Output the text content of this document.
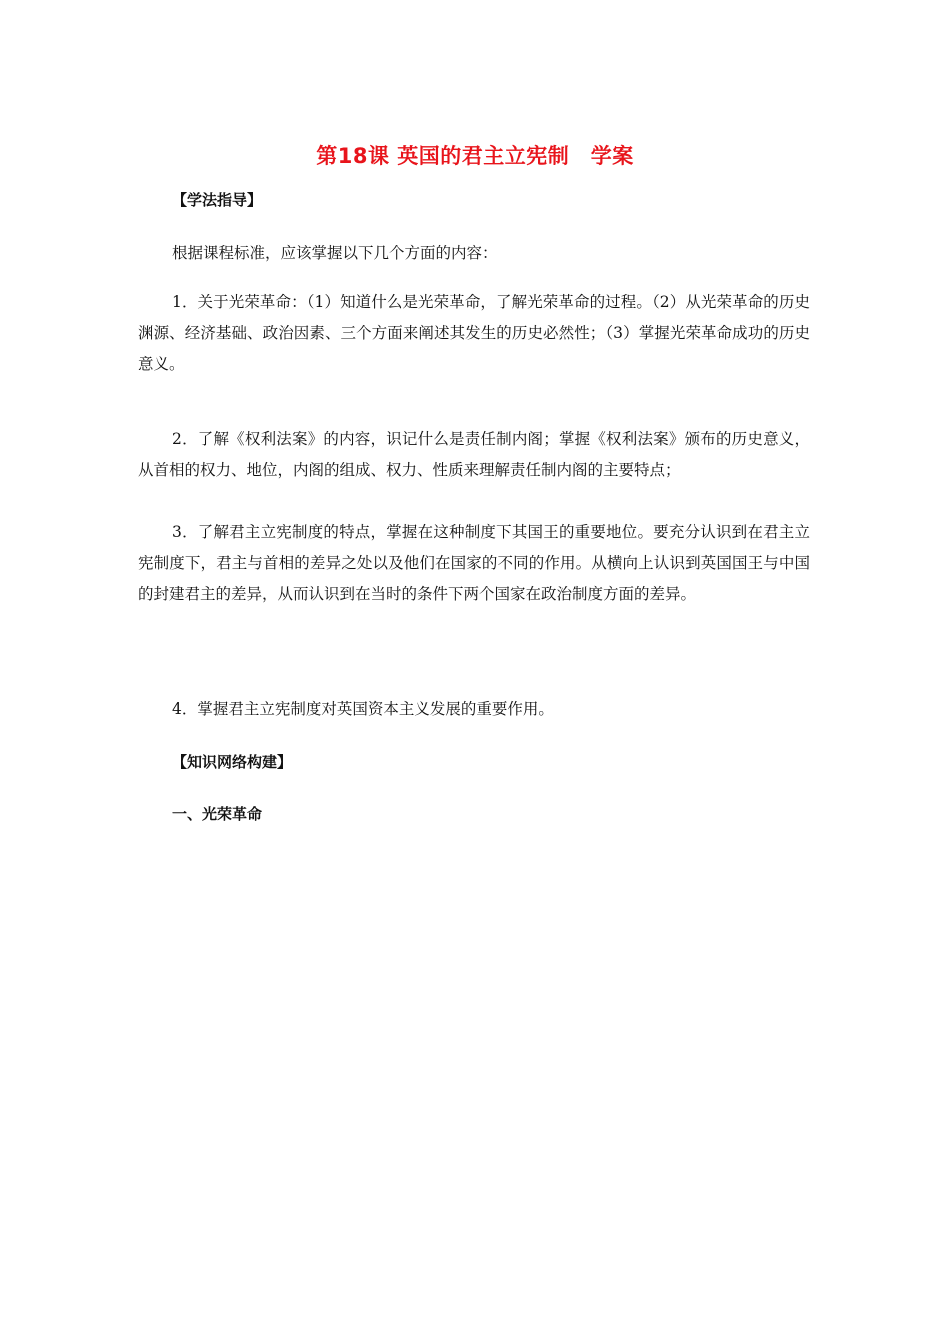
第18课 英国的君主立宪制　学案
【学法指导】
根据课程标准，应该掌握以下几个方面的内容：
1．关于光荣革命：（1）知道什么是光荣革命，了解光荣革命的过程。（2）从光荣革命的历史渊源、经济基础、政治因素、三个方面来阐述其发生的历史必然性；（3）掌握光荣革命成功的历史意义。
2．了解《权利法案》的内容，识记什么是责任制内阁；掌握《权利法案》颁布的历史意义，从首相的权力、地位，内阁的组成、权力、性质来理解责任制内阁的主要特点；
3．了解君主立宪制度的特点，掌握在这种制度下其国王的重要地位。要充分认识到在君主立宪制度下，君主与首相的差异之处以及他们在国家的不同的作用。从横向上认识到英国国王与中国的封建君主的差异，从而认识到在当时的条件下两个国家在政治制度方面的差异。
4．掌握君主立宪制度对英国资本主义发展的重要作用。
【知识网络构建】
一、光荣革命
